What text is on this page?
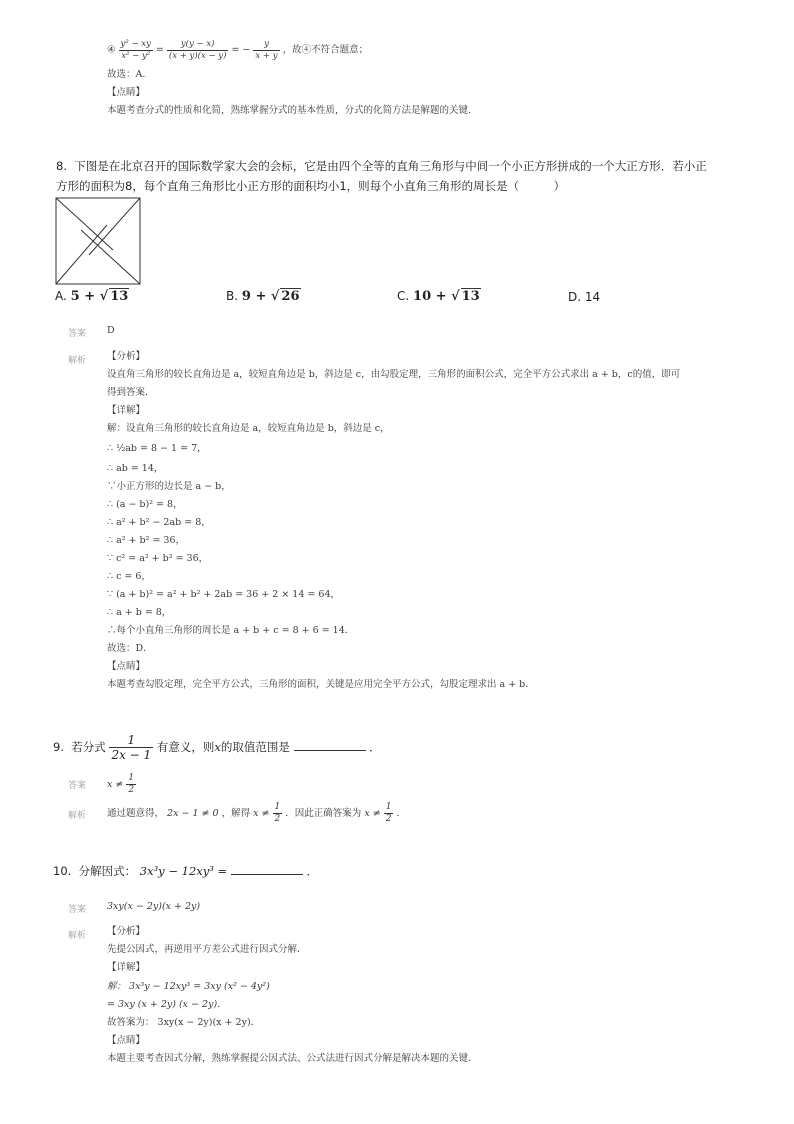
④ $\frac{\text{y² − xy}}{\text{x² − y²}} = \frac{y(y - x)}{(x + y)(x - y)}$ = − $\frac{y}{x + y}$ ，故④不符合题意；
故选：A.
【点睛】
本题考查分式的性质和化简，熟练掌握分式的基本性质，分式的化简方法是解题的关键.
8. 下图是在北京召开的国际数学家大会的会标，它是由四个全等的直角三角形与中间一个小正方形拼成的一个大正方形．若小正
方形的面积为8，每个直角三角形比小正方形的面积均小1，则每个小直角三角形的周长是（　　　）
A. 5 + √ 13	B. 9 + √ 26	C. 10 + √ 13	D. 14
答案 D
解析 【分析】
设直角三角形的较长直角边是 a，较短直角边是 b，斜边是 c，由勾股定理，三角形的面积公式，完全平方公式求出 a + b，c的值，即可
得到答案．
【详解】
解：设直角三角形的较长直角边是 a，较短直角边是 b，斜边是 c，
∴ ½ab = 8 − 1 = 7，
∴ ab = 14，
∵小正方形的边长是 a − b，
∴ (a − b)² = 8，
∴ a² + b² − 2ab = 8，
∴ a² + b² = 36，
∵ c² = a² + b² = 36，
∴ c = 6，
∵ (a + b)² = a² + b² + 2ab = 36 + 2 × 14 = 64，
∴ a + b = 8，
∴每个小直角三角形的周长是 a + b + c = 8 + 6 = 14．
故选：D．
【点睛】
本题考查勾股定理，完全平方公式，三角形的面积，关键是应用完全平方公式，勾股定理求出 a + b．
9. 若分式 $\frac{1}{2x - 1}$ 有意义，则x的取值范围是	．
答案 $x \ne \frac{1}{2}$
解析 通过题意得， 2x − 1 ≠ 0 ，解得 $x \ne \frac{1}{2}$ ．因此正确答案为 $x \ne \frac{1}{2}$ ．
10. 分解因式： 3x³y − 12xy³ =	．
答案 3xy(x − 2y)(x + 2y)
解析 【分析】
先提公因式，再逆用平方差公式进行因式分解．
【详解】
解： 3x³y − 12xy³ = 3xy (x² − 4y²)
= 3xy (x + 2y) (x − 2y)．
故答案为： 3xy(x − 2y)(x + 2y)．
【点睛】
本题主要考查因式分解，熟练掌握提公因式法、公式法进行因式分解是解决本题的关键．
